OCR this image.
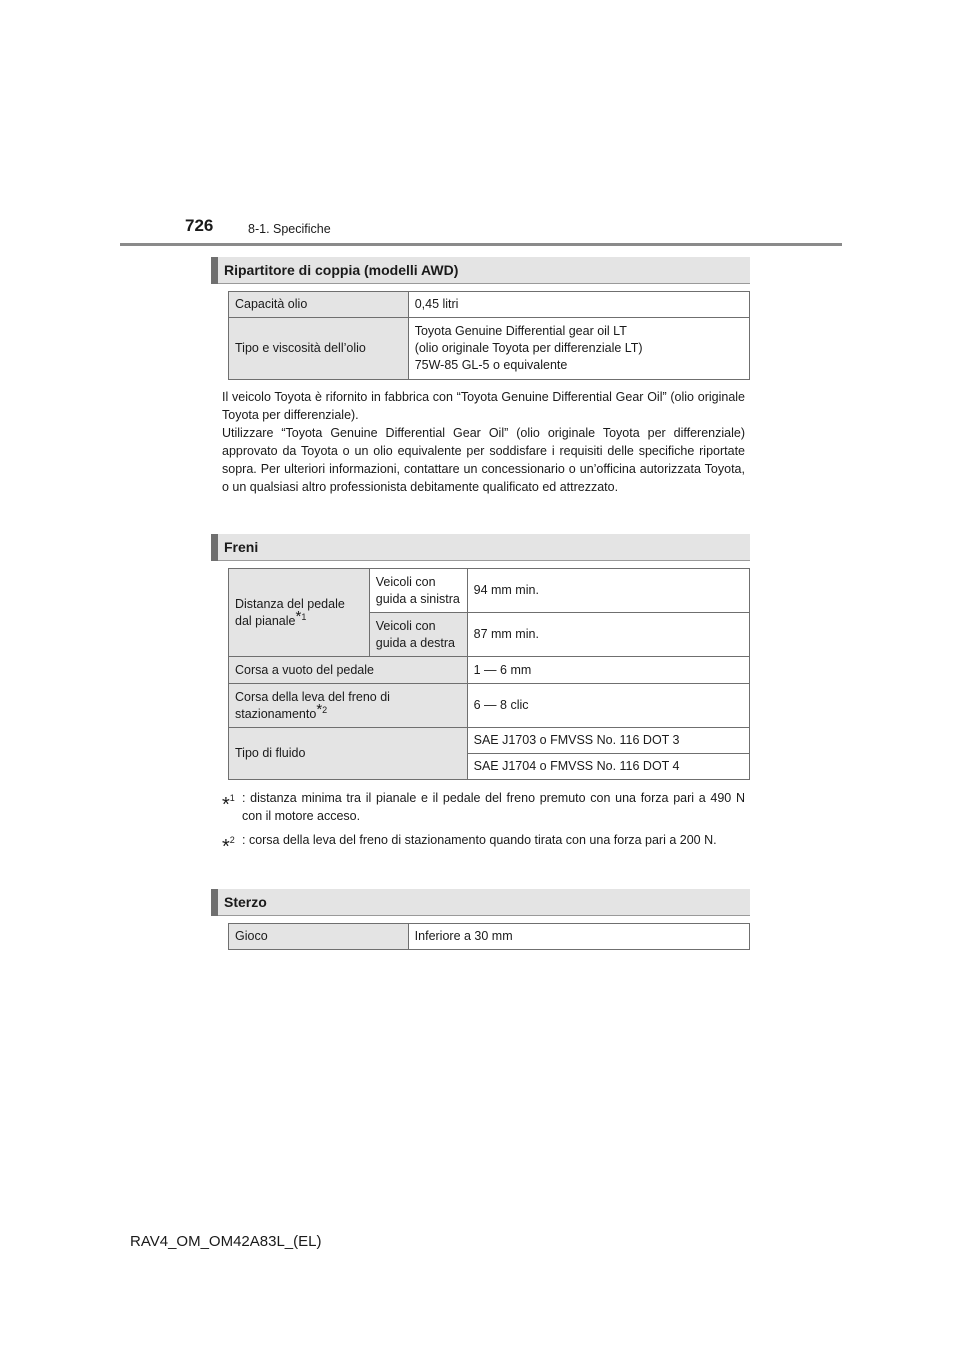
726	8-1. Specifiche
Ripartitore di coppia (modelli AWD)
Capacità olio	0,45 litri
Tipo e viscosità dell’olio	Toyota Genuine Differential gear oil LT
(olio originale Toyota per differenziale LT)
75W-85 GL-5 o equivalente

Il veicolo Toyota è rifornito in fabbrica con “Toyota Genuine Differential Gear Oil” (olio originale Toyota per differenziale).

Utilizzare “Toyota Genuine Differential Gear Oil” (olio originale Toyota per differenziale) approvato da Toyota o un olio equivalente per soddisfare i requisiti delle specifiche riportate sopra. Per ulteriori informazioni, contattare un concessionario o un’officina autorizzata Toyota, o un qualsiasi altro professionista debitamente qualificato ed attrezzato.

Freni
Distanza del pedale dal pianale$^{*1}$	Veicoli con guida a sinistra	94 mm min.
	Veicoli con guida a destra	87 mm min.
Corsa a vuoto del pedale		1 — 6 mm
Corsa della leva del freno di stazionamento$^{*2}$		6 — 8 clic
Tipo di fluido		SAE J1703 o FMVSS No. 116 DOT 3
		SAE J1704 o FMVSS No. 116 DOT 4
*$^1$ : distanza minima tra il pianale e il pedale del freno premuto con una forza pari a 490 N con il motore acceso.
*$^2$ : corsa della leva del freno di stazionamento quando tirata con una forza pari a 200 N.
Sterzo
Gioco	Inferiore a 30 mm
RAV4_OM_OM42A83L_(EL)
